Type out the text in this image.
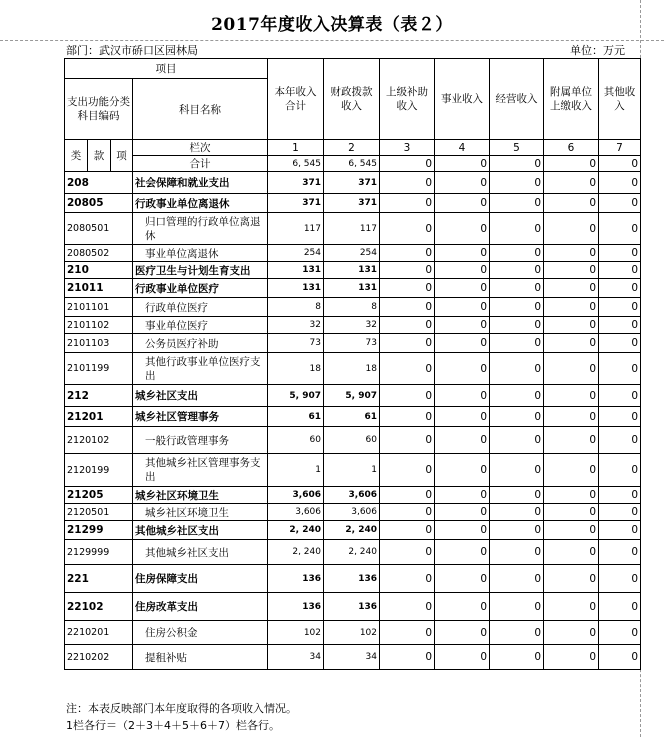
2017年度收入决算表（表２）
部门：武汉市硚口区园林局	单位：万元
项目				本年收入合计	财政拨款收入	上级补助收入	事业收入	经营收入	附属单位上缴收入	其他收入
支出功能分类科目编码			科目名称							

类	款	项	栏次	1	2	3	4	5	6	7
			合计	6, 545	6, 545	0	0	0	0	0
208			社会保障和就业支出	371	371	0	0	0	0	0
20805			行政事业单位离退休	371	371	0	0	0	0	0
2080501			归口管理的行政单位离退休	117	117	0	0	0	0	0
2080502			事业单位离退休	254	254	0	0	0	0	0
210			医疗卫生与计划生育支出	131	131	0	0	0	0	0
21011			行政事业单位医疗	131	131	0	0	0	0	0
2101101			行政单位医疗	8	8	0	0	0	0	0
2101102			事业单位医疗	32	32	0	0	0	0	0
2101103			公务员医疗补助	73	73	0	0	0	0	0
2101199			其他行政事业单位医疗支出	18	18	0	0	0	0	0
212			城乡社区支出	5, 907	5, 907	0	0	0	0	0
21201			城乡社区管理事务	61	61	0	0	0	0	0
2120102			一般行政管理事务	60	60	0	0	0	0	0
2120199			其他城乡社区管理事务支出	1	1	0	0	0	0	0
21205			城乡社区环境卫生	3,606	3,606	0	0	0	0	0
2120501			城乡社区环境卫生	3,606	3,606	0	0	0	0	0
21299			其他城乡社区支出	2, 240	2, 240	0	0	0	0	0
2129999			其他城乡社区支出	2, 240	2, 240	0	0	0	0	0
221			住房保障支出	136	136	0	0	0	0	0
22102			住房改革支出	136	136	0	0	0	0	0
2210201			住房公积金	102	102	0	0	0	0	0
2210202			提租补贴	34	34	0	0	0	0	0
注：本表反映部门本年度取得的各项收入情况。
1栏各行＝（2＋3＋4＋5＋6＋7）栏各行。
